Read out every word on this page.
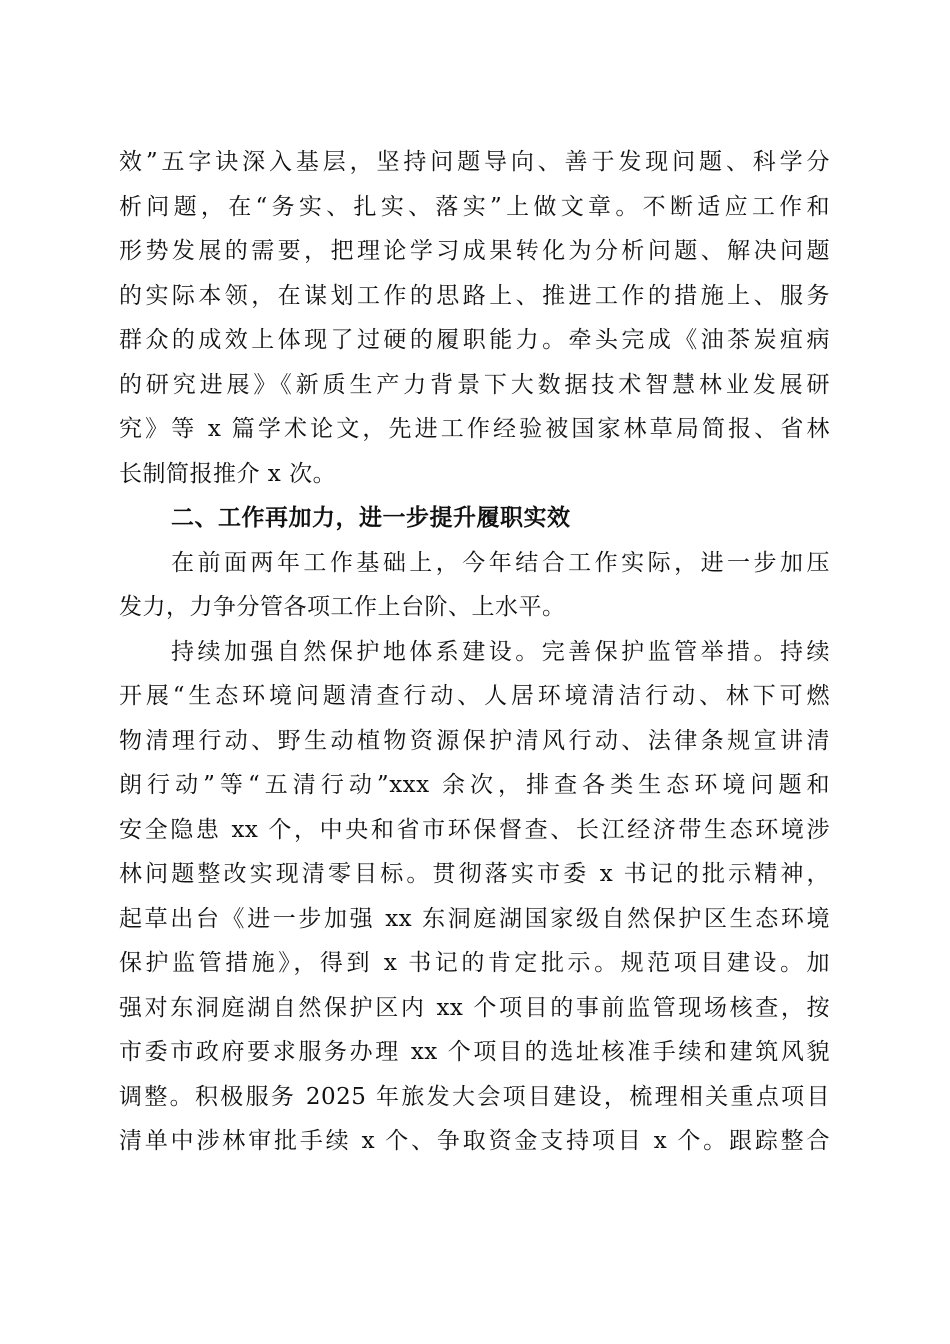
效”五字诀深入基层，坚持问题导向、善于发现问题、科学分
析问题，在“务实、扎实、落实”上做文章。不断适应工作和
形势发展的需要，把理论学习成果转化为分析问题、解决问题
的实际本领，在谋划工作的思路上、推进工作的措施上、服务
群众的成效上体现了过硬的履职能力。牵头完成《油茶炭疽病
的研究进展》《新质生产力背景下大数据技术智慧林业发展研
究》等 x 篇学术论文，先进工作经验被国家林草局简报、省林
长制简报推介 x 次。
二、工作再加力，进一步提升履职实效
在前面两年工作基础上，今年结合工作实际，进一步加压
发力，力争分管各项工作上台阶、上水平。
持续加强自然保护地体系建设。完善保护监管举措。持续
开展“生态环境问题清查行动、人居环境清洁行动、林下可燃
物清理行动、野生动植物资源保护清风行动、法律条规宣讲清
朗行动”等“五清行动”xxx 余次，排查各类生态环境问题和
安全隐患 xx 个，中央和省市环保督查、长江经济带生态环境涉
林问题整改实现清零目标。贯彻落实市委 x 书记的批示精神，
起草出台《进一步加强 xx 东洞庭湖国家级自然保护区生态环境
保护监管措施》，得到 x 书记的肯定批示。规范项目建设。加
强对东洞庭湖自然保护区内 xx 个项目的事前监管现场核查，按
市委市政府要求服务办理 xx 个项目的选址核准手续和建筑风貌
调整。积极服务 2025 年旅发大会项目建设，梳理相关重点项目
清单中涉林审批手续 x 个、争取资金支持项目 x 个。跟踪整合
